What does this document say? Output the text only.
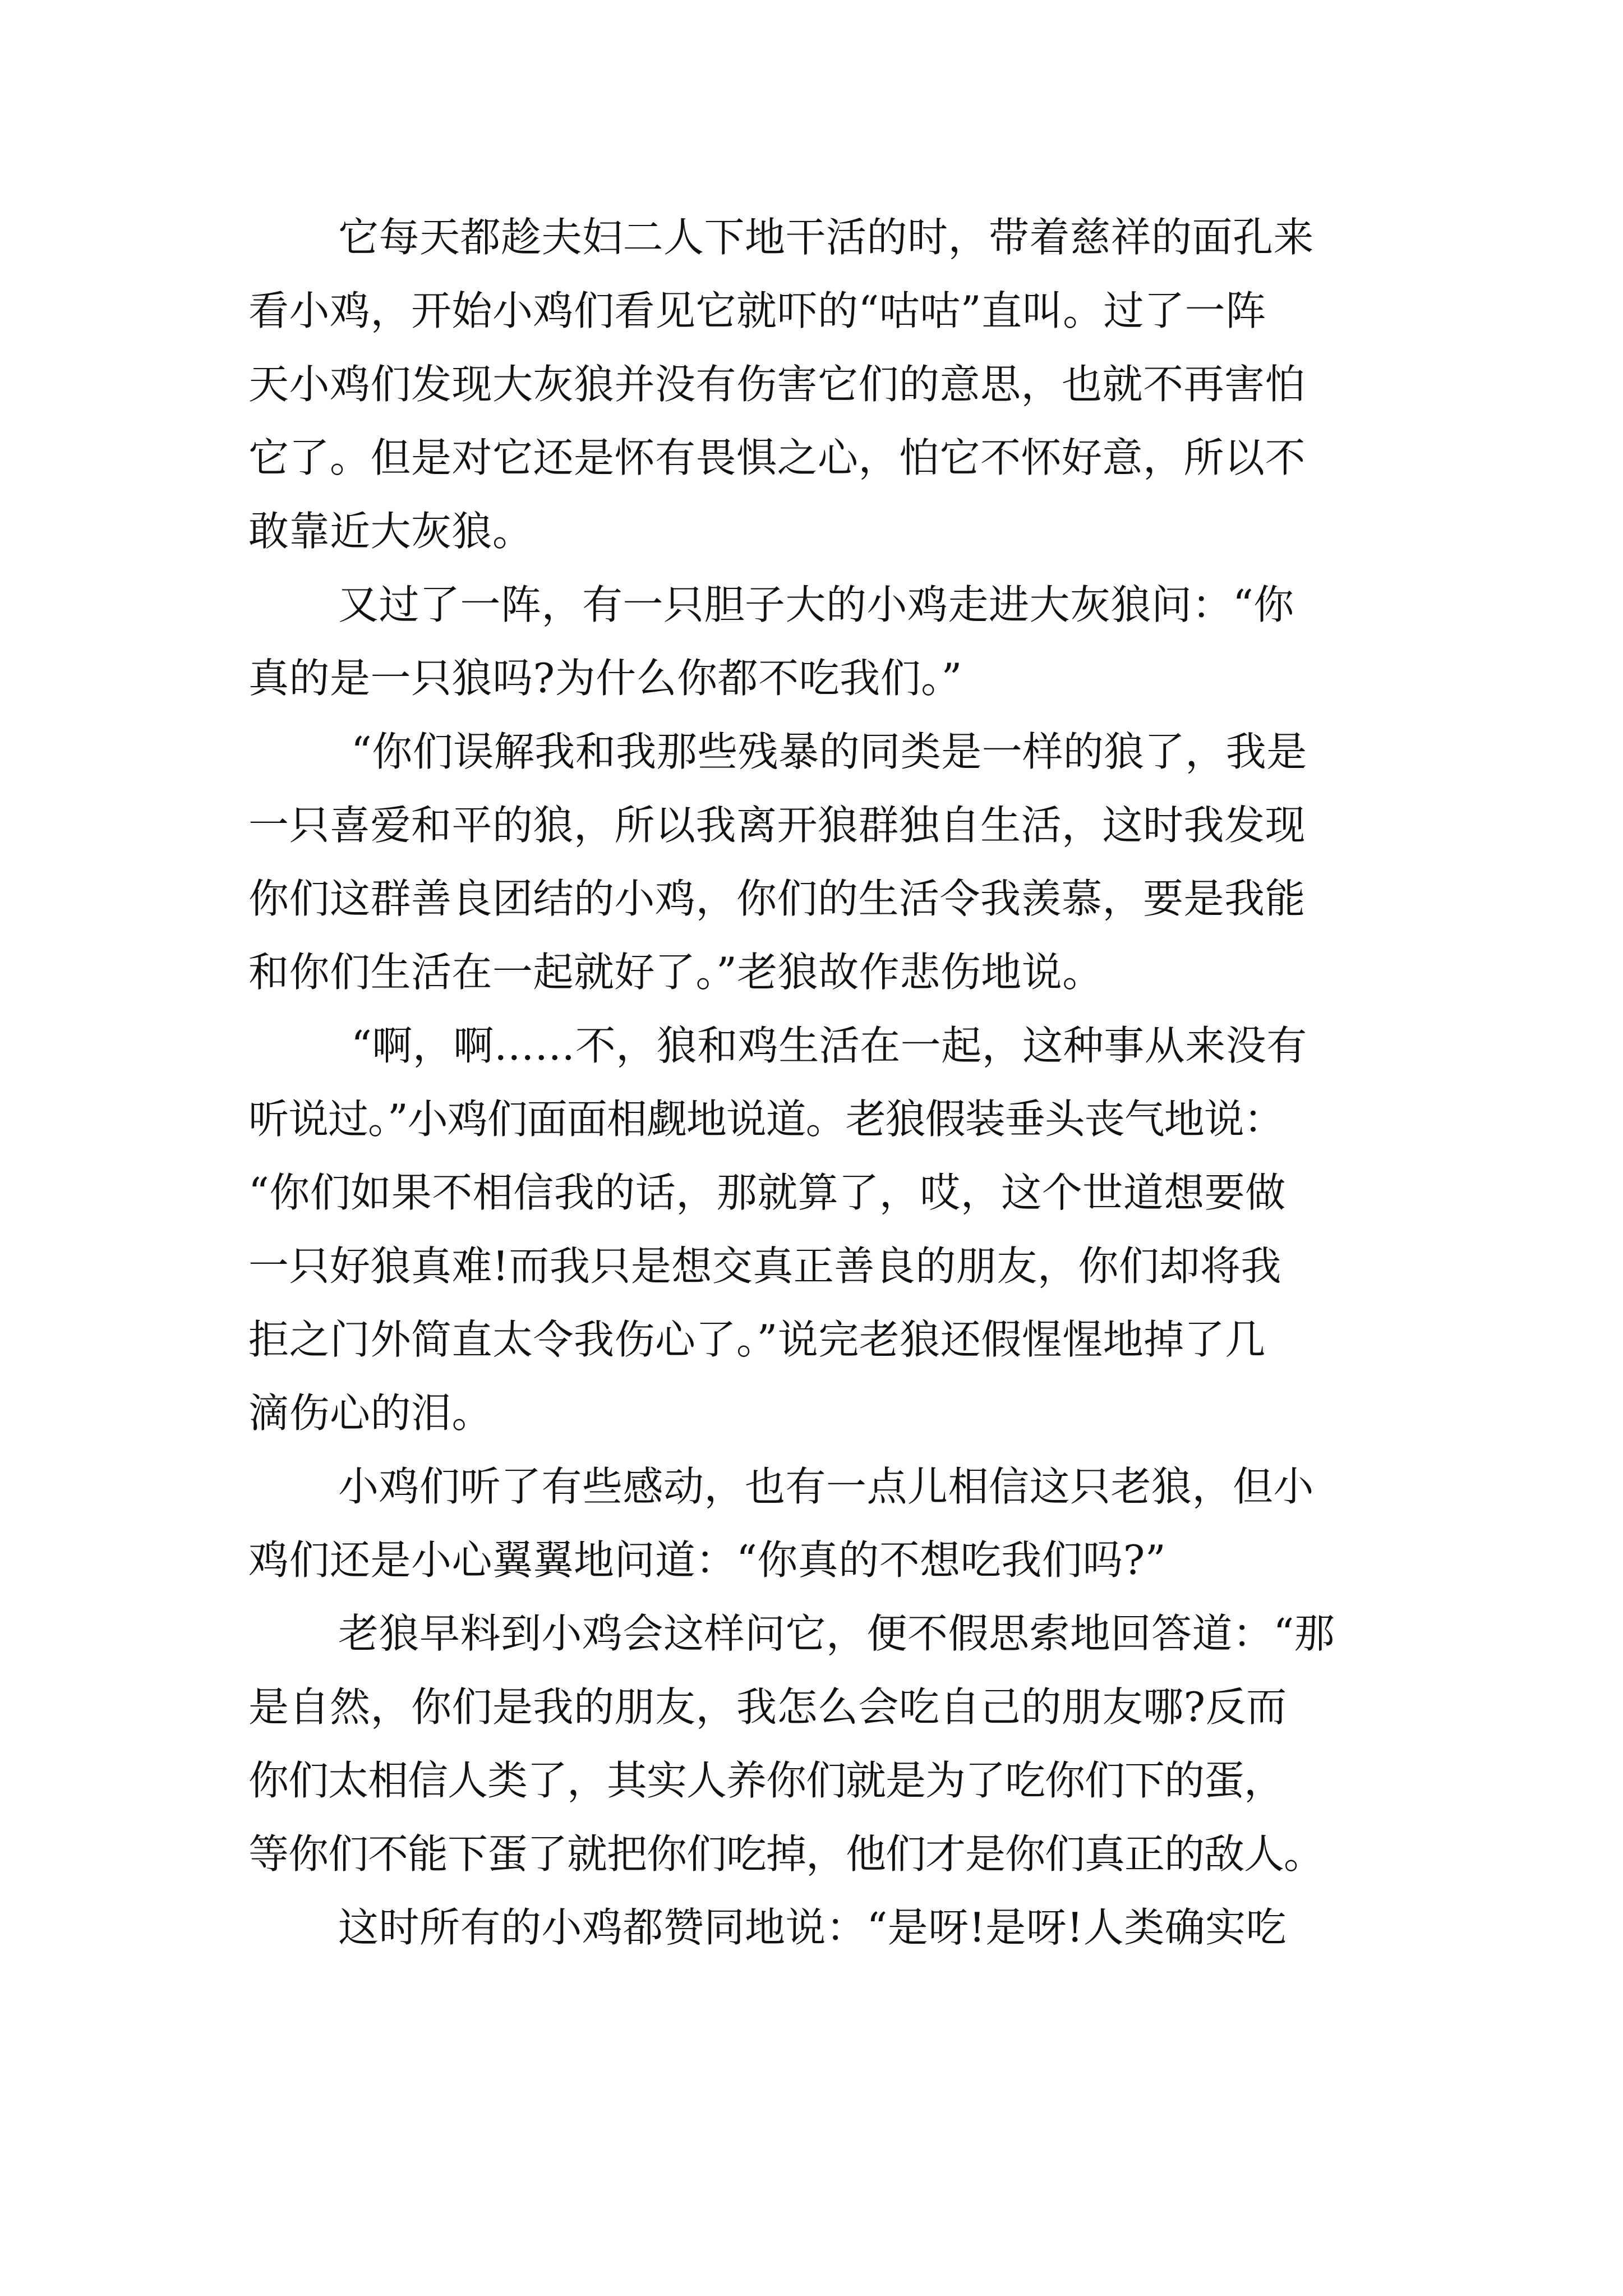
它每天都趁夫妇二人下地干活的时，带着慈祥的面孔来
看小鸡，开始小鸡们看见它就吓的“咕咕”直叫。过了一阵
天小鸡们发现大灰狼并没有伤害它们的意思，也就不再害怕
它了。但是对它还是怀有畏惧之心，怕它不怀好意，所以不
敢靠近大灰狼。
又过了一阵，有一只胆子大的小鸡走进大灰狼问：“你
真的是一只狼吗?为什么你都不吃我们。”
“你们误解我和我那些残暴的同类是一样的狼了，我是
一只喜爱和平的狼，所以我离开狼群独自生活，这时我发现
你们这群善良团结的小鸡，你们的生活令我羡慕，要是我能
和你们生活在一起就好了。”老狼故作悲伤地说。
“啊，啊……不，狼和鸡生活在一起，这种事从来没有
听说过。”小鸡们面面相觑地说道。老狼假装垂头丧气地说：
“你们如果不相信我的话，那就算了，哎，这个世道想要做
一只好狼真难!而我只是想交真正善良的朋友，你们却将我
拒之门外简直太令我伤心了。”说完老狼还假惺惺地掉了几
滴伤心的泪。
小鸡们听了有些感动，也有一点儿相信这只老狼，但小
鸡们还是小心翼翼地问道：“你真的不想吃我们吗?”
老狼早料到小鸡会这样问它，便不假思索地回答道：“那
是自然，你们是我的朋友，我怎么会吃自己的朋友哪?反而
你们太相信人类了，其实人养你们就是为了吃你们下的蛋，
等你们不能下蛋了就把你们吃掉，他们才是你们真正的敌人。
这时所有的小鸡都赞同地说：“是呀!是呀!人类确实吃
